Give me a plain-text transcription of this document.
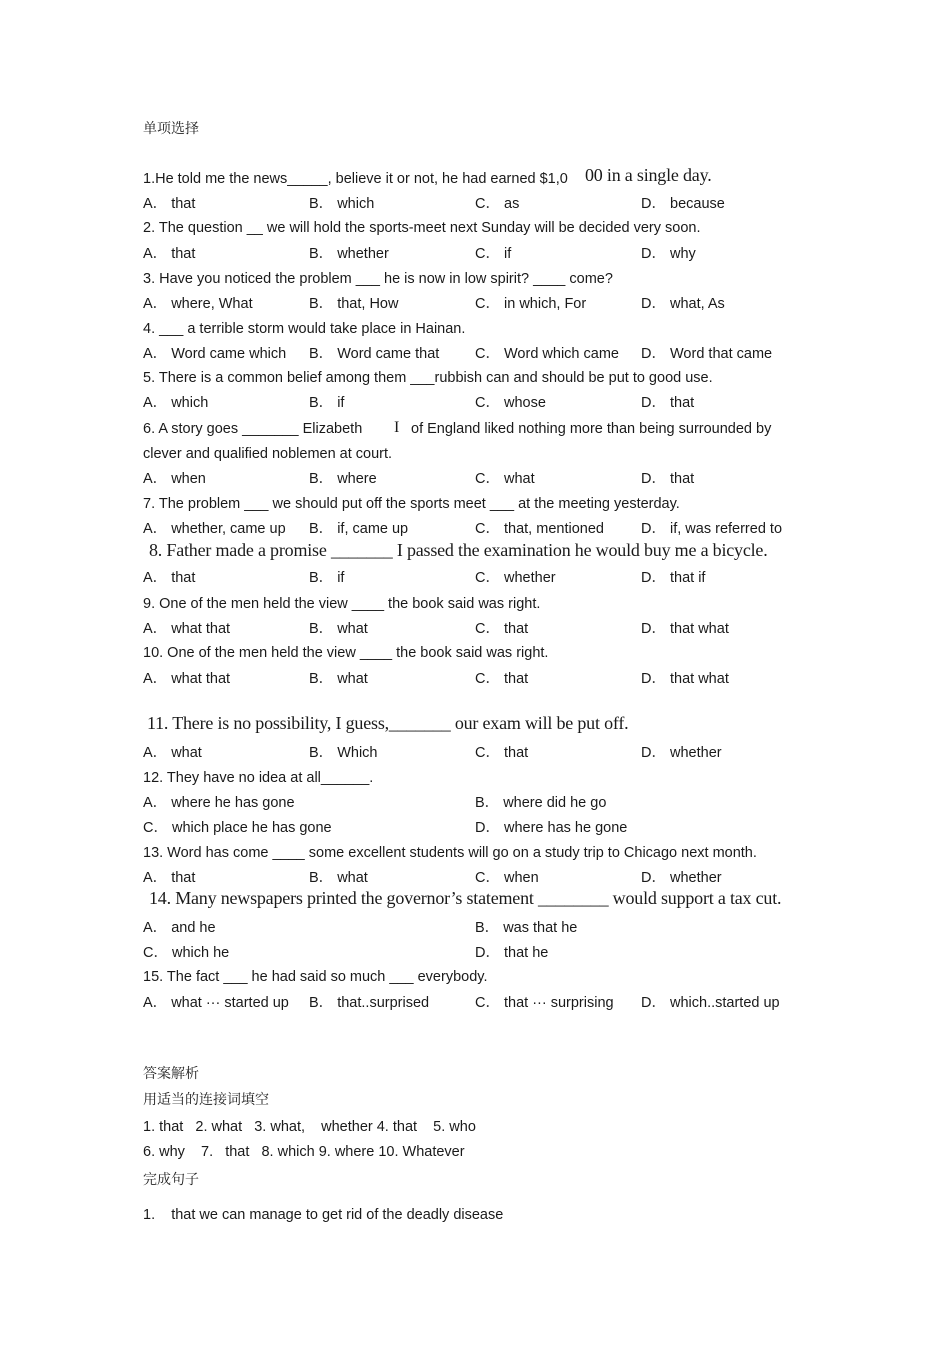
单项选择
1.He told me the news_____, believe it or not, he had earned $1,0 00 in a single day.
A． that	B． which	C． as	D． because
2. The question __ we will hold the sports-meet next Sunday will be decided very soon.
A． that	B． whether	C． if	D． why
3. Have you noticed the problem ___ he is now in low spirit? ____ come?
A． where, What	B． that, How	C． in which, For	D． what, As
4. ___ a terrible storm would take place in Hainan.
A． Word came which B． Word came that C． Word which came D． Word that came
5. There is a common belief among them ___rubbish can and should be put to good use.
A． which	B． if	C． whose	D． that
6. A story goes _______ Elizabeth I of England liked nothing more than being surrounded by
clever and qualified noblemen at court.
A． when	B． where	C． what	D． that
7. The problem ___ we should put off the sports meet ___ at the meeting yesterday.
A． whether, came up B． if, came up	C． that, mentioned	D． if, was referred to
8. Father made a promise _______ I passed the examination he would buy me a bicycle.
A． that	B． if	C． whether	D． that if
9. One of the men held the view ____ the book said was right.
A． what that	B． what	C． that	D． that what
10. One of the men held the view ____ the book said was right.
A． what that	B． what	C． that	D． that what
11. There is no possibility, I guess,_______ our exam will be put off.
A． what	B． Which	C． that	D． whether
12. They have no idea at all______.
A． where he has gone	B． where did he go
C． which place he has gone	D． where has he gone
13. Word has come ____ some excellent students will go on a study trip to Chicago next month.
A． that	B． what	C． when	D． whether
14. Many newspapers printed the governor’s statement ________ would support a tax cut.
A． and he	B． was that he
C． which he	D． that he
15. The fact ___ he had said so much ___ everybody.
A． what ··· started up B． that..surprised	C． that ··· surprising D． which..started up
答案解析
用适当的连接词填空
1. that   2. what   3. what,    whether 4. that    5. who
6. why    7.   that   8. which 9. where 10. Whatever
完成句子
1.    that we can manage to get rid of the deadly disease
